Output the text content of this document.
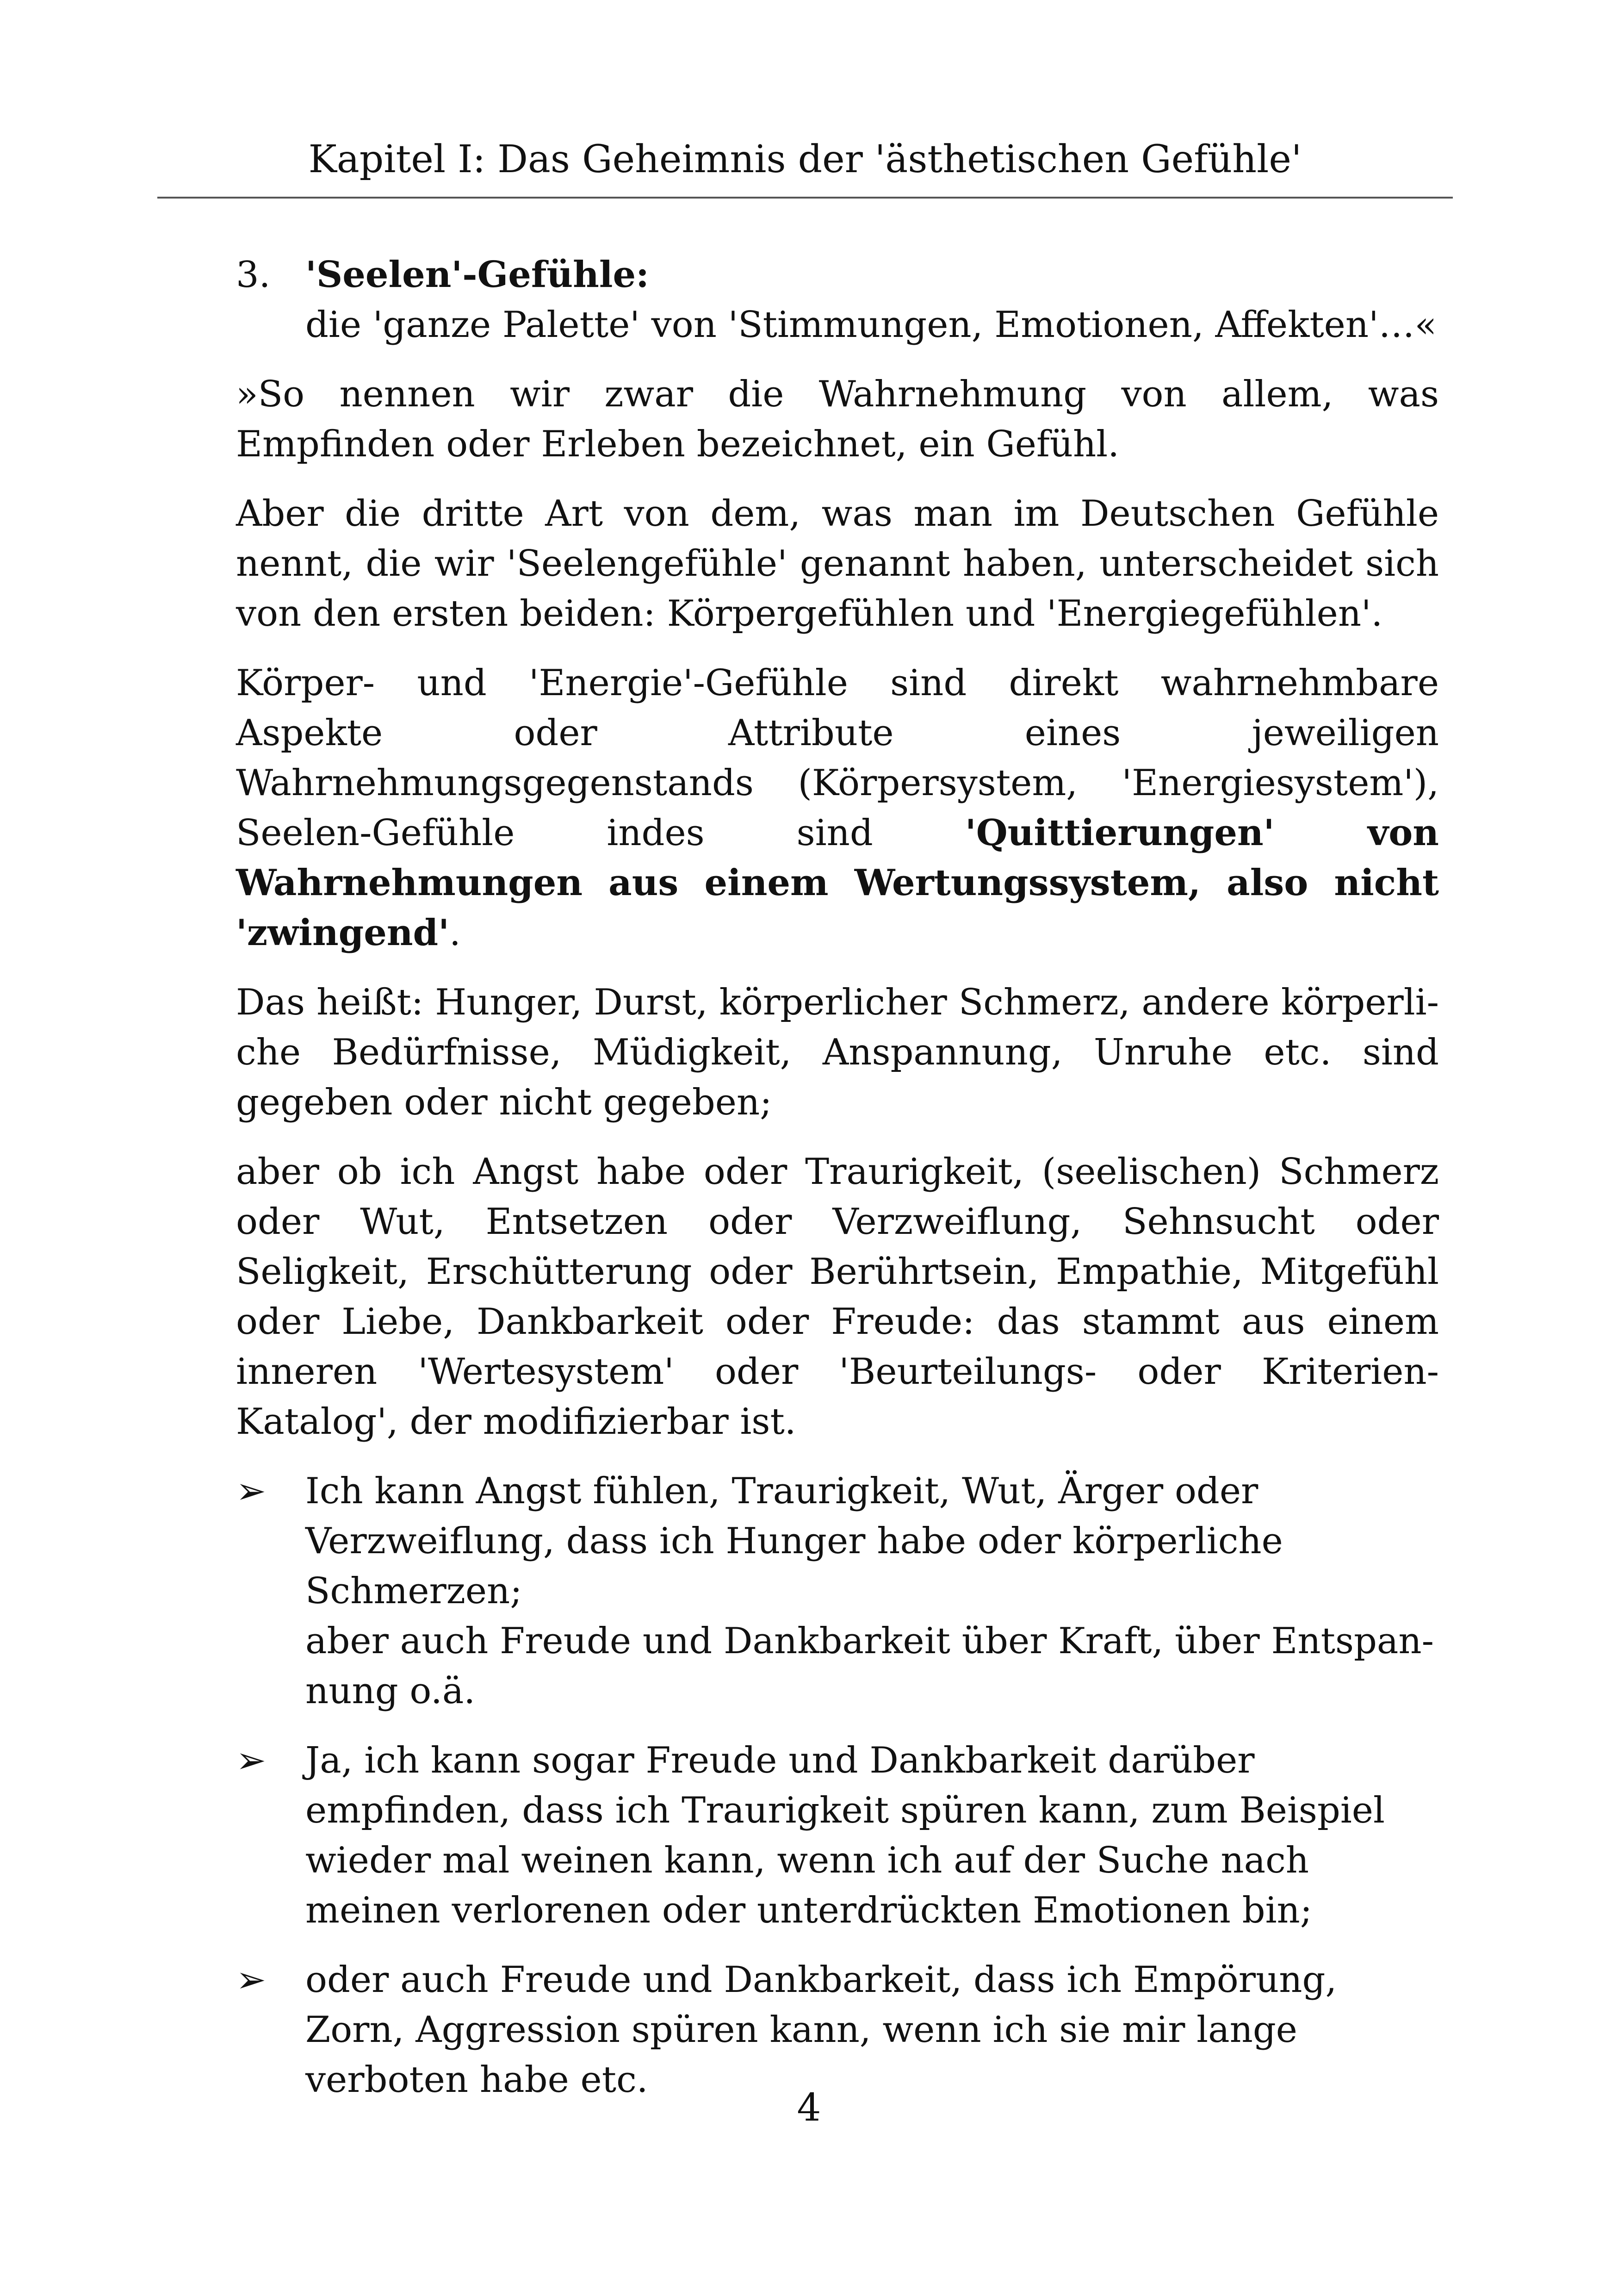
Kapitel I: Das Geheimnis der 'ästhetischen Gefühle'
3. 'Seelen'-Gefühle:
die 'ganze Palette' von 'Stimmungen, Emotionen, Affekten'…«

»So nennen wir zwar die Wahrnehmung von allem, was Empfinden oder Erleben bezeichnet, ein Gefühl.

Aber die dritte Art von dem, was man im Deutschen Gefühle nennt, die wir 'Seelengefühle' genannt haben, unterscheidet sich von den ersten beiden: Körpergefühlen und 'Energiegefühlen'.

Körper- und 'Energie'-Gefühle sind direkt wahrnehmbare Aspekte oder Attribute eines jeweiligen Wahrnehmungsgegenstands (Körpersystem, 'Energiesystem'), Seelen-Gefühle indes sind 'Quittierungen' von Wahrnehmungen aus einem Wertungssystem, also nicht 'zwingend'.

Das heißt: Hunger, Durst, körperlicher Schmerz, andere körperliche Bedürfnisse, Müdigkeit, Anspannung, Unruhe etc. sind gegeben oder nicht gegeben;

aber ob ich Angst habe oder Traurigkeit, (seelischen) Schmerz oder Wut, Entsetzen oder Verzweiflung, Sehnsucht oder Seligkeit, Erschütterung oder Berührtsein, Empathie, Mitgefühl oder Liebe, Dankbarkeit oder Freude: das stammt aus einem inneren 'Wertesystem' oder 'Beurteilungs- oder Kriterien-Katalog', der modifizierbar ist.

➢ Ich kann Angst fühlen, Traurigkeit, Wut, Ärger oder Verzweiflung, dass ich Hunger habe oder körperliche Schmerzen;
aber auch Freude und Dankbarkeit über Kraft, über Entspannung o.ä.
➢ Ja, ich kann sogar Freude und Dankbarkeit darüber empfinden, dass ich Traurigkeit spüren kann, zum Beispiel wieder mal weinen kann, wenn ich auf der Suche nach meinen verlorenen oder unterdrückten Emotionen bin;
➢ oder auch Freude und Dankbarkeit, dass ich Empörung, Zorn, Aggression spüren kann, wenn ich sie mir lange verboten habe etc.
4
